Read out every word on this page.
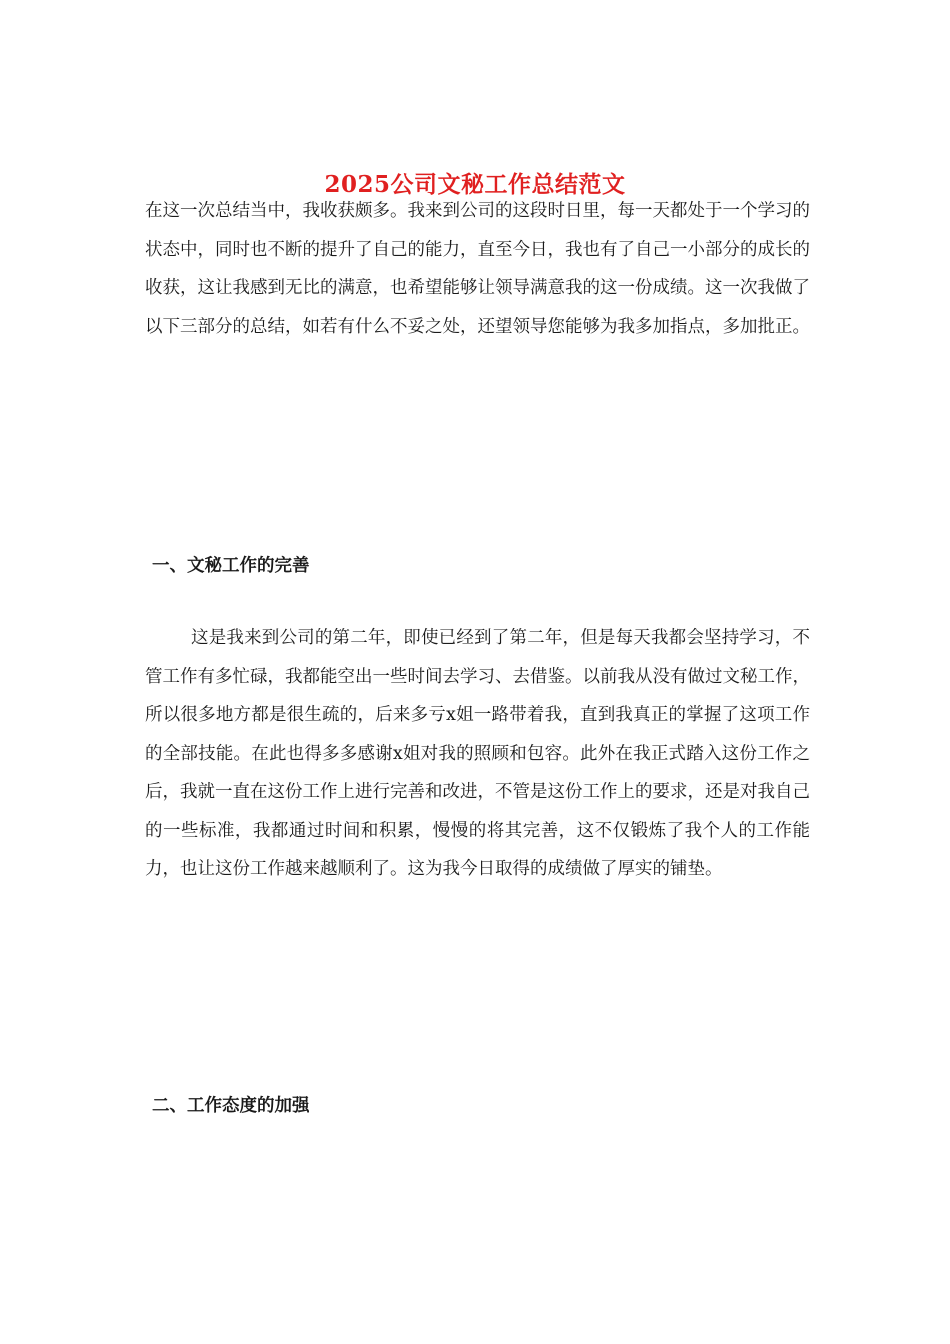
2025公司文秘工作总结范文

在这一次总结当中，我收获颇多。我来到公司的这段时日里，每一天都处于一个学习的状态中，同时也不断的提升了自己的能力，直至今日，我也有了自己一小部分的成长的收获，这让我感到无比的满意，也希望能够让领导满意我的这一份成绩。这一次我做了以下三部分的总结，如若有什么不妥之处，还望领导您能够为我多加指点，多加批正。

一、文秘工作的完善

这是我来到公司的第二年，即使已经到了第二年，但是每天我都会坚持学习，不管工作有多忙碌，我都能空出一些时间去学习、去借鉴。以前我从没有做过文秘工作，所以很多地方都是很生疏的，后来多亏x姐一路带着我，直到我真正的掌握了这项工作的全部技能。在此也得多多感谢x姐对我的照顾和包容。此外在我正式踏入这份工作之后，我就一直在这份工作上进行完善和改进，不管是这份工作上的要求，还是对我自己的一些标准，我都通过时间和积累，慢慢的将其完善，这不仅锻炼了我个人的工作能力，也让这份工作越来越顺利了。这为我今日取得的成绩做了厚实的铺垫。

二、工作态度的加强
